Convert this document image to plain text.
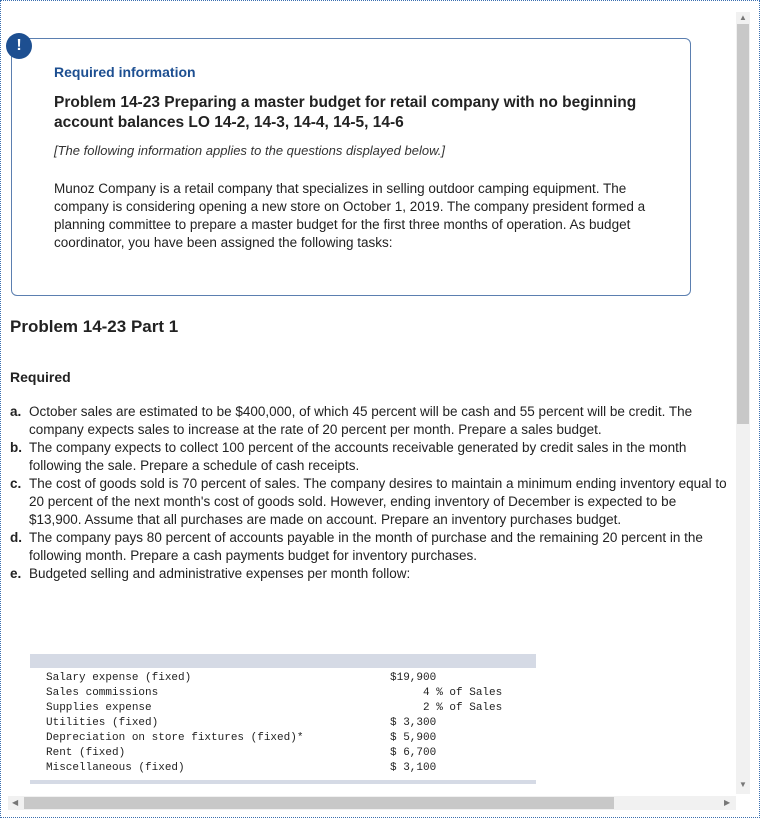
!
Required information
Problem 14-23 Preparing a master budget for retail company with no beginning account balances LO 14-2, 14-3, 14-4, 14-5, 14-6
[The following information applies to the questions displayed below.]
Munoz Company is a retail company that specializes in selling outdoor camping equipment. The company is considering opening a new store on October 1, 2019. The company president formed a planning committee to prepare a master budget for the first three months of operation. As budget coordinator, you have been assigned the following tasks:
Problem 14-23 Part 1
Required
a. October sales are estimated to be $400,000, of which 45 percent will be cash and 55 percent will be credit. The company expects sales to increase at the rate of 20 percent per month. Prepare a sales budget.
b. The company expects to collect 100 percent of the accounts receivable generated by credit sales in the month following the sale. Prepare a schedule of cash receipts.
c. The cost of goods sold is 70 percent of sales. The company desires to maintain a minimum ending inventory equal to 20 percent of the next month's cost of goods sold. However, ending inventory of December is expected to be $13,900. Assume that all purchases are made on account. Prepare an inventory purchases budget.
d. The company pays 80 percent of accounts payable in the month of purchase and the remaining 20 percent in the following month. Prepare a cash payments budget for inventory purchases.
e. Budgeted selling and administrative expenses per month follow:
Salary expense (fixed)	$19,900
Sales commissions	4 % of Sales
Supplies expense	2 % of Sales
Utilities (fixed)	$ 3,300
Depreciation on store fixtures (fixed)*	$ 5,900
Rent (fixed)	$ 6,700
Miscellaneous (fixed)	$ 3,100
▲
▼
◀	▶
